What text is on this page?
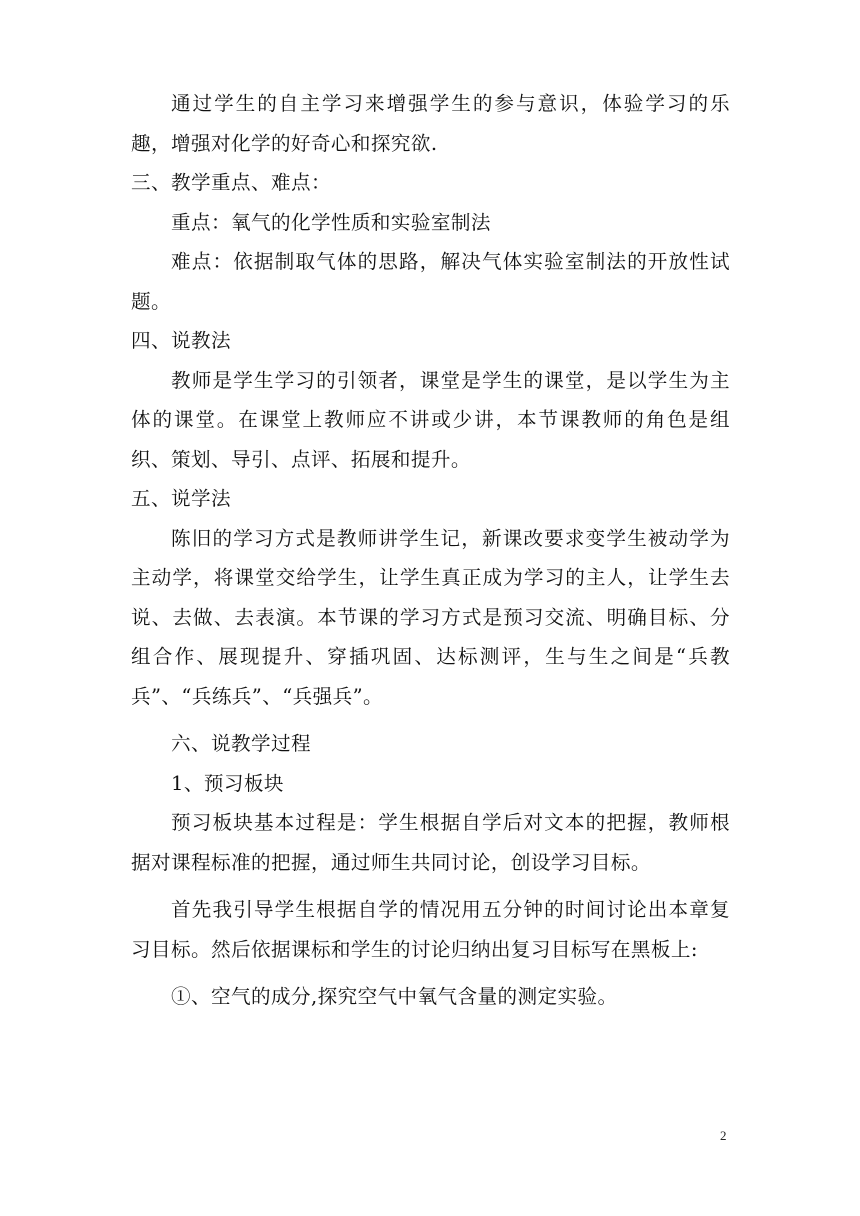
通过学生的自主学习来增强学生的参与意识，体验学习的乐趣，增强对化学的好奇心和探究欲.

三、教学重点、难点：

重点：氧气的化学性质和实验室制法

难点：依据制取气体的思路，解决气体实验室制法的开放性试题。

四、说教法

教师是学生学习的引领者，课堂是学生的课堂，是以学生为主体的课堂。在课堂上教师应不讲或少讲，本节课教师的角色是组织、策划、导引、点评、拓展和提升。

五、说学法

陈旧的学习方式是教师讲学生记，新课改要求变学生被动学为主动学，将课堂交给学生，让学生真正成为学习的主人，让学生去说、去做、去表演。本节课的学习方式是预习交流、明确目标、分组合作、展现提升、穿插巩固、达标测评，生与生之间是“兵教兵”、“兵练兵”、“兵强兵”。

六、说教学过程

1、预习板块

预习板块基本过程是：学生根据自学后对文本的把握，教师根据对课程标准的把握，通过师生共同讨论，创设学习目标。

首先我引导学生根据自学的情况用五分钟的时间讨论出本章复习目标。然后依据课标和学生的讨论归纳出复习目标写在黑板上:

①、空气的成分,探究空气中氧气含量的测定实验。

2
